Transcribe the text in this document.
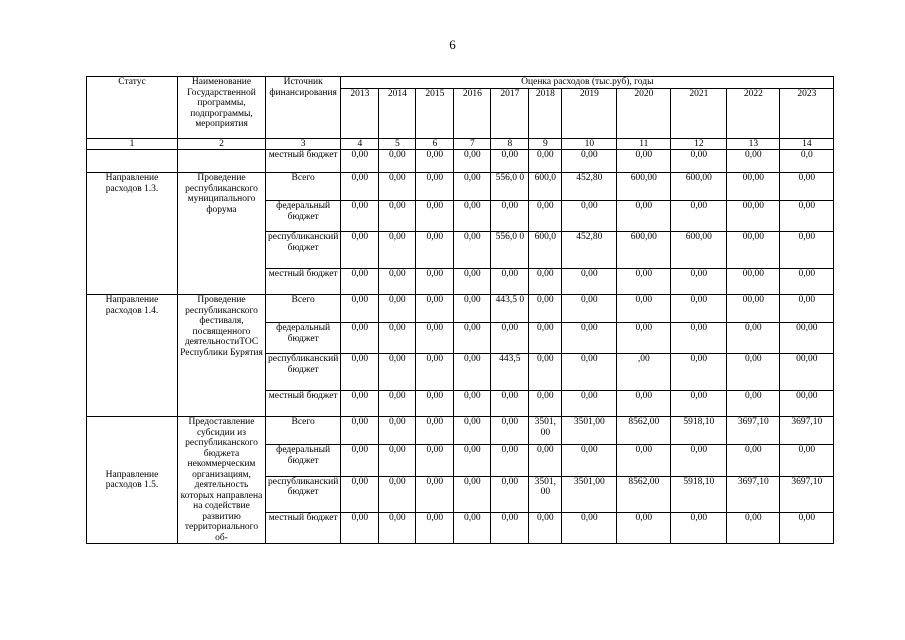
6
Статус	Наименование Государственной программы, подпрограммы, мероприятия	Источник финансирования	Оценка расходов (тыс.руб), годы										
			2013	2014	2015	2016	2017	2018	2019	2020	2021	2022	2023
1	2	3	4	5	6	7	8	9	10	11	12	13	14
		местный бюджет	0,00	0,00	0,00	0,00	0,00	0,00	0,00	0,00	0,00	0,00	0,0
Направление расходов 1.3.	Проведение республиканского муниципального форума	Всего	0,00	0,00	0,00	0,00	556,0 0	600,0	452,80	600,00	600,00	00,00	0,00
		федеральный бюджет	0,00	0,00	0,00	0,00	0,00	0,00	0,00	0,00	0,00	00,00	0,00
		республиканский бюджет	0,00	0,00	0,00	0,00	556,0 0	600,0	452,80	600,00	600,00	00,00	0,00
		местный бюджет	0,00	0,00	0,00	0,00	0,00	0,00	0,00	0,00	0,00	00,00	0,00
Направление расходов 1.4.	Проведение республиканского фестиваля, посвященного деятельностиТОС Республики Бурятия	Всего	0,00	0,00	0,00	0,00	443,5 0	0,00	0,00	0,00	0,00	00,00	0,00
		федеральный бюджет	0,00	0,00	0,00	0,00	0,00	0,00	0,00	0,00	0,00	0,00	00,00
		республиканский бюджет	0,00	0,00	0,00	0,00	443,5	0,00	0,00	,00	0,00	0,00	00,00
		местный бюджет	0,00	0,00	0,00	0,00	0,00	0,00	0,00	0,00	0,00	0,00	00,00
Направление расходов 1.5.	Предоставление субсидии из республиканского бюджета некоммерческим организациям, деятельность которых направлена на содействие развитию территориального об-	Всего	0,00	0,00	0,00	0,00	0,00	3501, 00	3501,00	8562,00	5918,10	3697,10	3697,10
		федеральный бюджет	0,00	0,00	0,00	0,00	0,00	0,00	0,00	0,00	0,00	0,00	0,00
		республиканский бюджет	0,00	0,00	0,00	0,00	0,00	3501, 00	3501,00	8562,00	5918,10	3697,10	3697,10
		местный бюджет	0,00	0,00	0,00	0,00	0,00	0,00	0,00	0,00	0,00	0,00	0,00
